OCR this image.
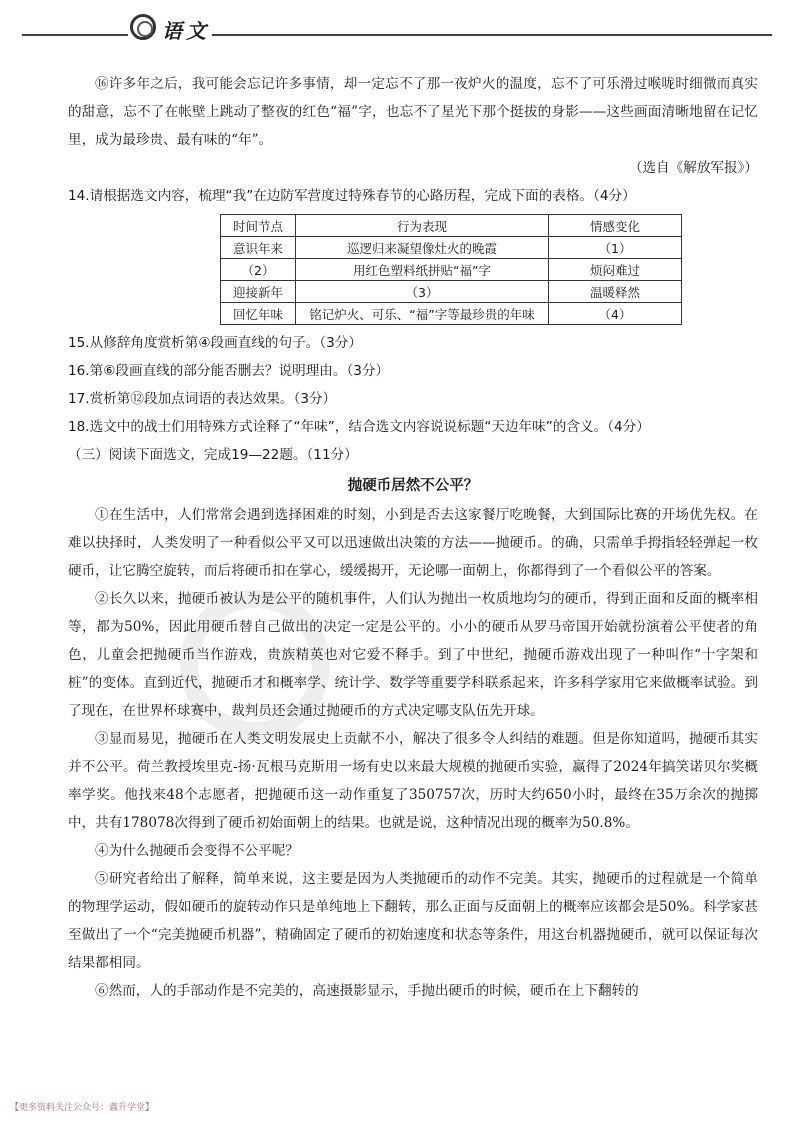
语文

⑯许多年之后，我可能会忘记许多事情，却一定忘不了那一夜炉火的温度，忘不了可乐滑过喉咙时细微而真实的甜意，忘不了在帐壁上跳动了整夜的红色“福”字，也忘不了星光下那个挺拔的身影——这些画面清晰地留在记忆里，成为最珍贵、最有味的“年”。

（选自《解放军报》）

14.请根据选文内容，梳理“我”在边防军营度过特殊春节的心路历程，完成下面的表格。（4分）

时间节点	行为表现	情感变化
意识年来	巡逻归来凝望像灶火的晚霞	（1）
（2）	用红色塑料纸拼贴“福”字	烦闷难过
迎接新年	（3）	温暖释然
回忆年味	铭记炉火、可乐、“福”字等最珍贵的年味	（4）

15.从修辞角度赏析第④段画直线的句子。（3分）

16.第⑥段画直线的部分能否删去？说明理由。（3分）

17.赏析第⑫段加点词语的表达效果。（3分）

18.选文中的战士们用特殊方式诠释了“年味”，结合选文内容说说标题“天边年味”的含义。（4分）

（三）阅读下面选文，完成19—22题。（11分）

抛硬币居然不公平？

①在生活中，人们常常会遇到选择困难的时刻，小到是否去这家餐厅吃晚餐，大到国际比赛的开场优先权。在难以抉择时，人类发明了一种看似公平又可以迅速做出决策的方法——抛硬币。的确，只需单手拇指轻轻弹起一枚硬币，让它腾空旋转，而后将硬币扣在掌心，缓缓揭开，无论哪一面朝上，你都得到了一个看似公平的答案。

②长久以来，抛硬币被认为是公平的随机事件，人们认为抛出一枚质地均匀的硬币，得到正面和反面的概率相等，都为50%，因此用硬币替自己做出的决定一定是公平的。小小的硬币从罗马帝国开始就扮演着公平使者的角色，儿童会把抛硬币当作游戏，贵族精英也对它爱不释手。到了中世纪，抛硬币游戏出现了一种叫作“十字架和桩”的变体。直到近代，抛硬币才和概率学、统计学、数学等重要学科联系起来，许多科学家用它来做概率试验。到了现在，在世界杯球赛中，裁判员还会通过抛硬币的方式决定哪支队伍先开球。

③显而易见，抛硬币在人类文明发展史上贡献不小，解决了很多令人纠结的难题。但是你知道吗，抛硬币其实并不公平。荷兰教授埃里克-扬·瓦根马克斯用一场有史以来最大规模的抛硬币实验，赢得了2024年搞笑诺贝尔奖概率学奖。他找来48个志愿者，把抛硬币这一动作重复了350757次，历时大约650小时，最终在35万余次的抛掷中，共有178078次得到了硬币初始面朝上的结果。也就是说，这种情况出现的概率为50.8%。

④为什么抛硬币会变得不公平呢？

⑤研究者给出了解释，简单来说，这主要是因为人类抛硬币的动作不完美。其实，抛硬币的过程就是一个简单的物理学运动，假如硬币的旋转动作只是单纯地上下翻转，那么正面与反面朝上的概率应该都会是50%。科学家甚至做出了一个“完美抛硬币机器”，精确固定了硬币的初始速度和状态等条件，用这台机器抛硬币，就可以保证每次结果都相同。

⑥然而，人的手部动作是不完美的，高速摄影显示，手抛出硬币的时候，硬币在上下翻转的

【更多资料关注公众号：鑫升学堂】
